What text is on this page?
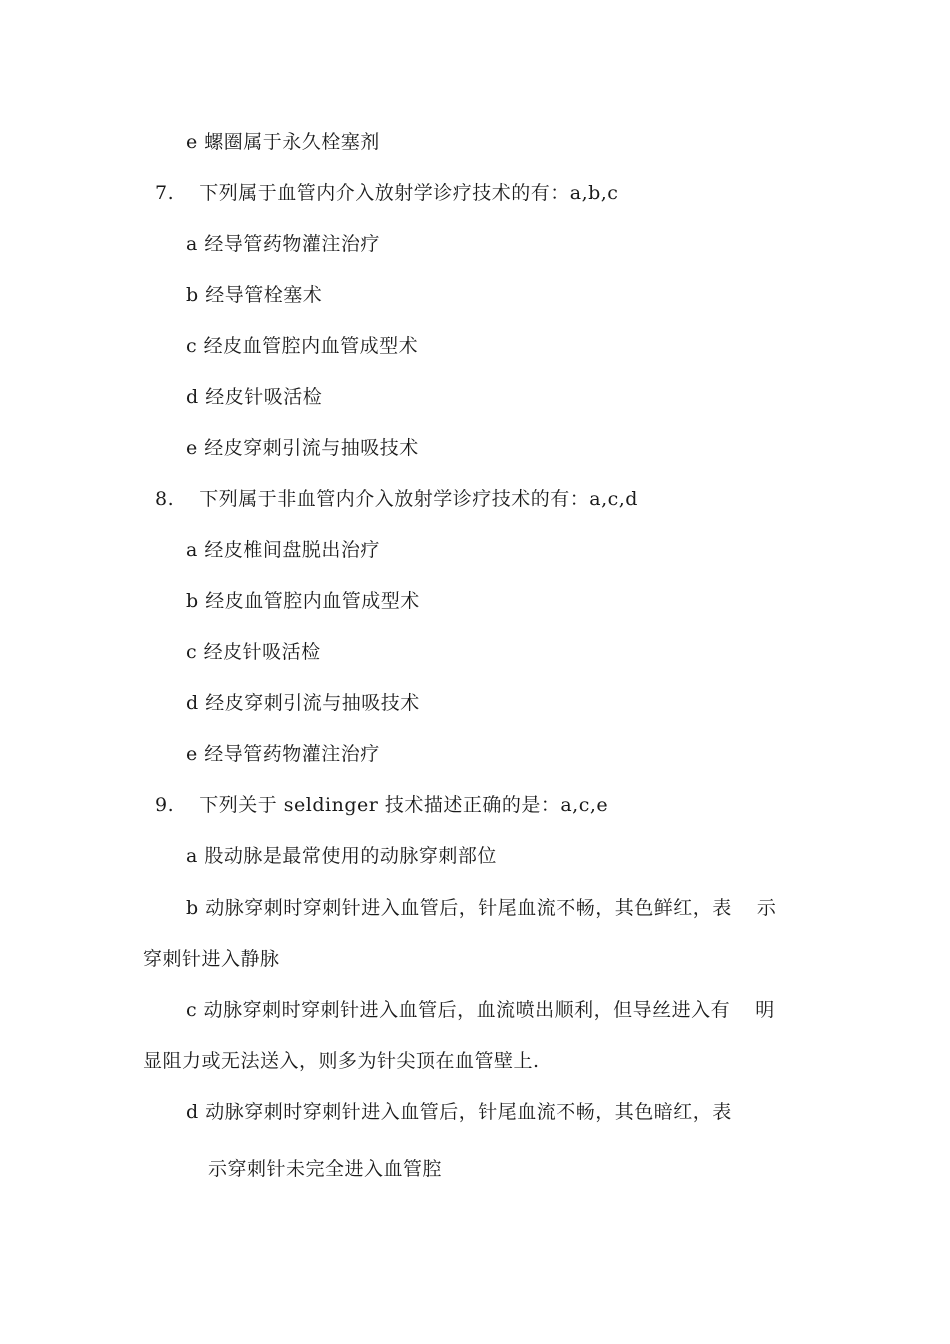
e 螺圈属于永久栓塞剂
7. 下列属于血管内介入放射学诊疗技术的有：a,b,c
a 经导管药物灌注治疗
b 经导管栓塞术
c 经皮血管腔内血管成型术
d 经皮针吸活检
e 经皮穿刺引流与抽吸技术
8. 下列属于非血管内介入放射学诊疗技术的有：a,c,d
a 经皮椎间盘脱出治疗
b 经皮血管腔内血管成型术
c 经皮针吸活检
d 经皮穿刺引流与抽吸技术
e 经导管药物灌注治疗
9. 下列关于 seldinger 技术描述正确的是：a,c,e
a 股动脉是最常使用的动脉穿刺部位
b 动脉穿刺时穿刺针进入血管后，针尾血流不畅，其色鲜红，表 示
穿刺针进入静脉
c 动脉穿刺时穿刺针进入血管后，血流喷出顺利，但导丝进入有 明
显阻力或无法送入，则多为针尖顶在血管壁上.
d 动脉穿刺时穿刺针进入血管后，针尾血流不畅，其色暗红，表
示穿刺针未完全进入血管腔
